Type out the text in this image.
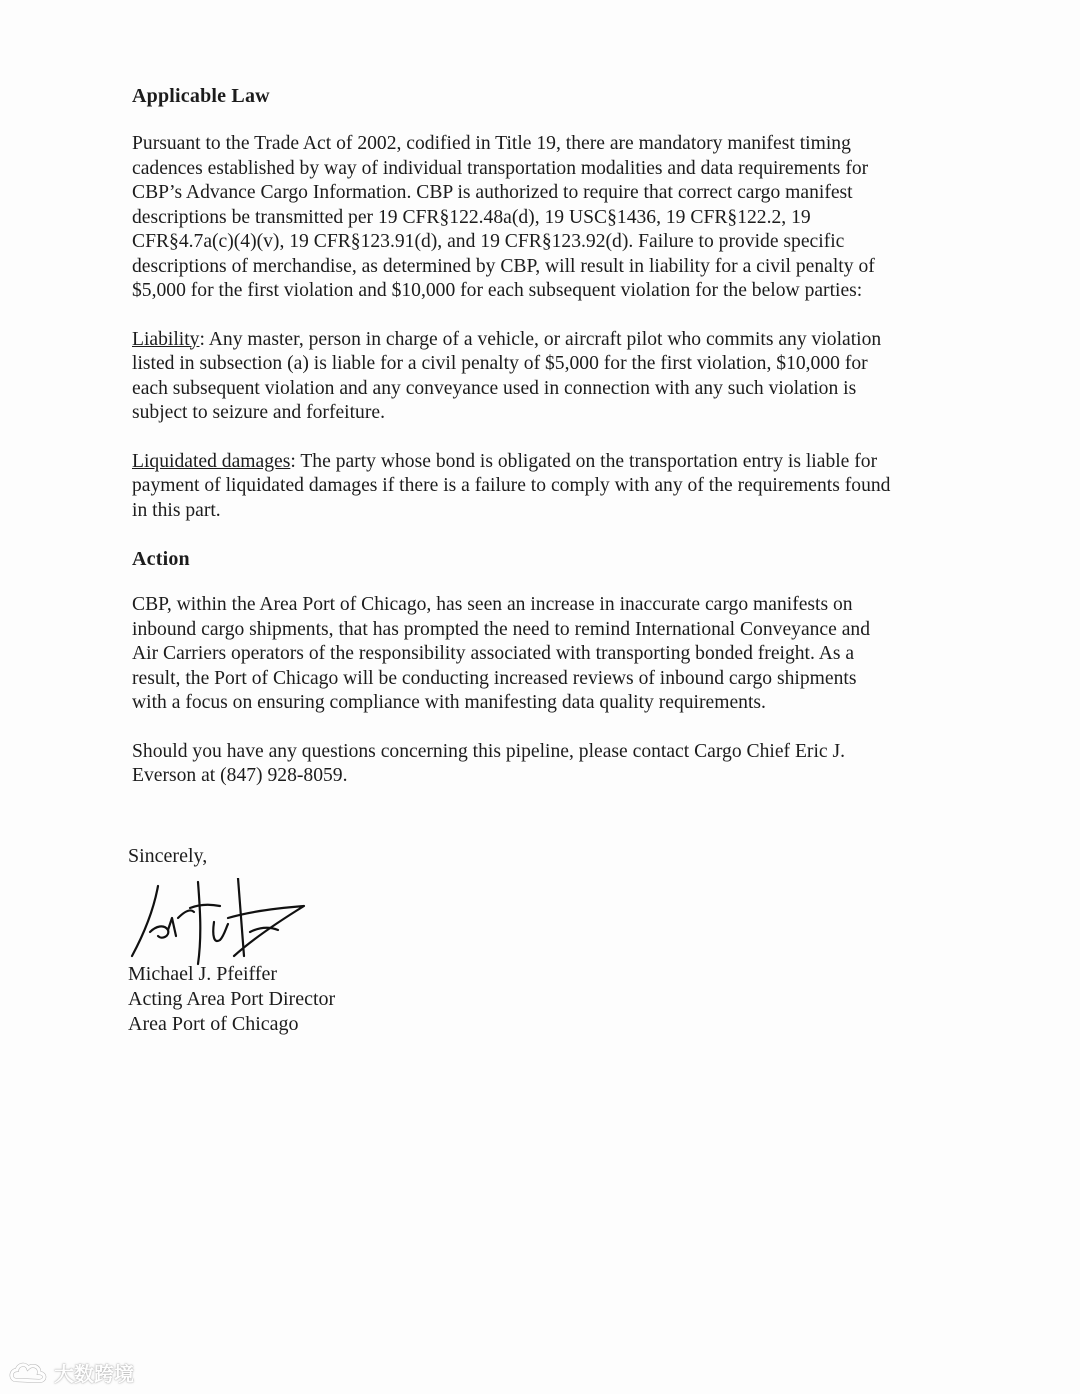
Applicable Law

Pursuant to the Trade Act of 2002, codified in Title 19, there are mandatory manifest timing
cadences established by way of individual transportation modalities and data requirements for
CBP’s Advance Cargo Information. CBP is authorized to require that correct cargo manifest
descriptions be transmitted per 19 CFR§122.48a(d), 19 USC§1436, 19 CFR§122.2, 19
CFR§4.7a(c)(4)(v), 19 CFR§123.91(d), and 19 CFR§123.92(d). Failure to provide specific
descriptions of merchandise, as determined by CBP, will result in liability for a civil penalty of
$5,000 for the first violation and $10,000 for each subsequent violation for the below parties:

Liability: Any master, person in charge of a vehicle, or aircraft pilot who commits any violation
listed in subsection (a) is liable for a civil penalty of $5,000 for the first violation, $10,000 for
each subsequent violation and any conveyance used in connection with any such violation is
subject to seizure and forfeiture.

Liquidated damages: The party whose bond is obligated on the transportation entry is liable for
payment of liquidated damages if there is a failure to comply with any of the requirements found
in this part.

Action

CBP, within the Area Port of Chicago, has seen an increase in inaccurate cargo manifests on
inbound cargo shipments, that has prompted the need to remind International Conveyance and
Air Carriers operators of the responsibility associated with transporting bonded freight. As a
result, the Port of Chicago will be conducting increased reviews of inbound cargo shipments
with a focus on ensuring compliance with manifesting data quality requirements.

Should you have any questions concerning this pipeline, please contact Cargo Chief Eric J.
Everson at (847) 928-8059.

Sincerely,
Michael J. Pfeiffer
Acting Area Port Director
Area Port of Chicago
大数跨境
